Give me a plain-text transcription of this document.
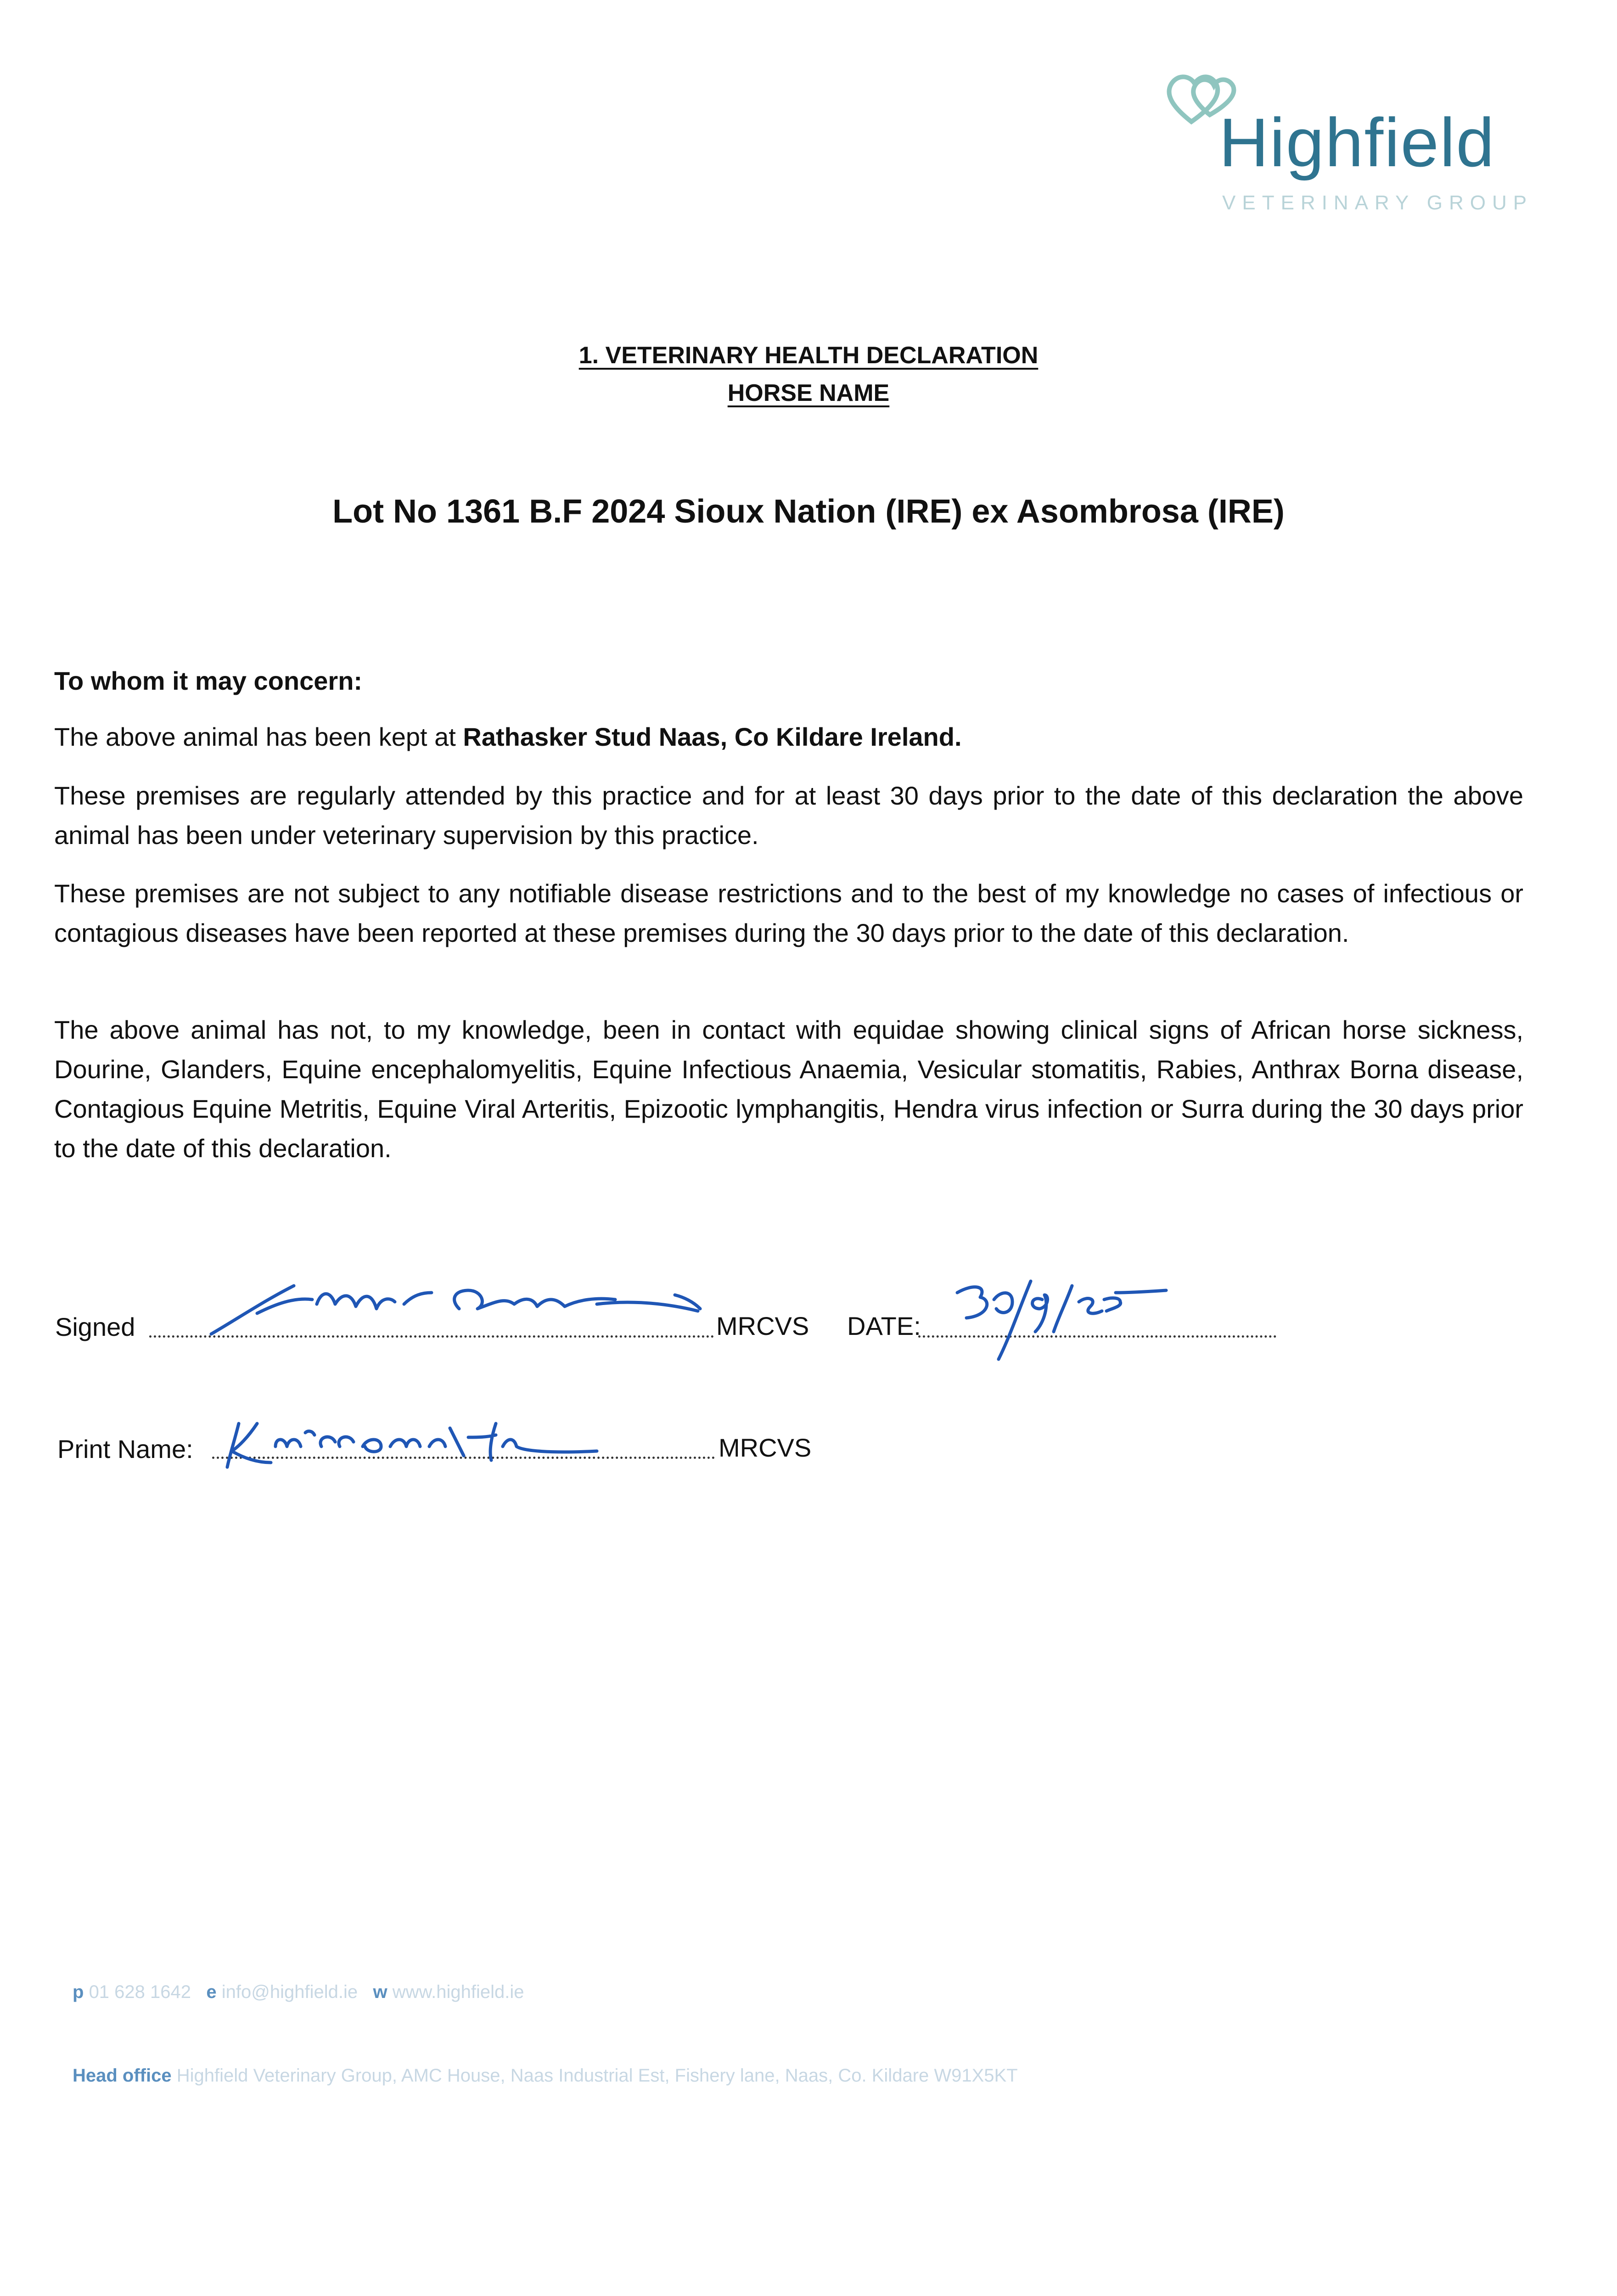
Highfield
VETERINARY GROUP
1. VETERINARY HEALTH DECLARATION
HORSE NAME
Lot No 1361 B.F 2024 Sioux Nation (IRE) ex Asombrosa (IRE)
To whom it may concern:
The above animal has been kept at Rathasker Stud Naas, Co Kildare Ireland.
These premises are regularly attended by this practice and for at least 30 days prior to the date of this declaration the above animal has been under veterinary supervision by this practice.
These premises are not subject to any notifiable disease restrictions and to the best of my knowledge no cases of infectious or contagious diseases have been reported at these premises during the 30 days prior to the date of this declaration.
The above animal has not, to my knowledge, been in contact with equidae showing clinical signs of African horse sickness, Dourine, Glanders, Equine encephalomyelitis, Equine Infectious Anaemia, Vesicular stomatitis, Rabies, Anthrax Borna disease, Contagious Equine Metritis, Equine Viral Arteritis, Epizootic lymphangitis, Hendra virus infection or Surra during the 30 days prior to the date of this declaration.
Signed	MRCVS DATE:
Print Name:	MRCVS
p 01 628 1642 e info@highfield.ie w www.highfield.ie
Head office Highfield Veterinary Group, AMC House, Naas Industrial Est, Fishery lane, Naas, Co. Kildare W91X5KT
